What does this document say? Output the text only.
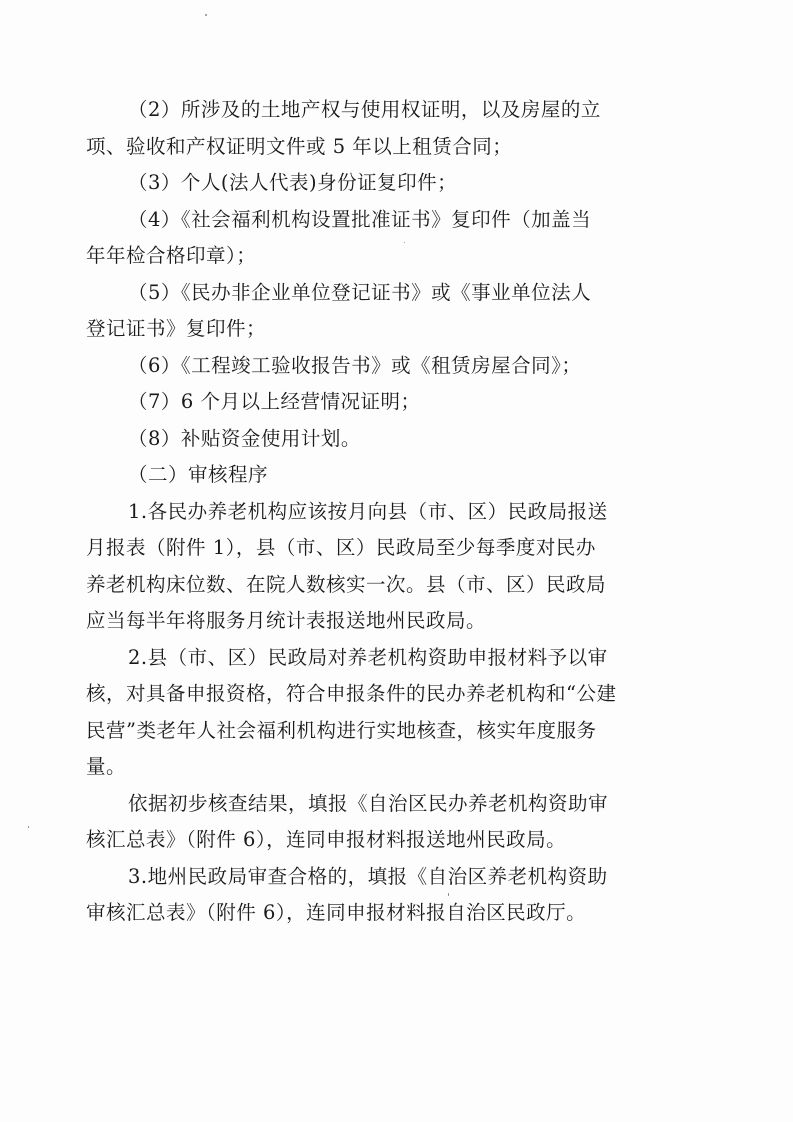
（2）所涉及的土地产权与使用权证明，以及房屋的立
项、验收和产权证明文件或 5 年以上租赁合同；
（3）个人(法人代表)身份证复印件；
（4）《社会福利机构设置批准证书》复印件（加盖当
年年检合格印章）；
（5）《民办非企业单位登记证书》或《事业单位法人
登记证书》复印件；
（6）《工程竣工验收报告书》或《租赁房屋合同》；
（7）6 个月以上经营情况证明；
（8）补贴资金使用计划。
（二）审核程序
1.各民办养老机构应该按月向县（市、区）民政局报送
月报表（附件 1），县（市、区）民政局至少每季度对民办
养老机构床位数、在院人数核实一次。县（市、区）民政局
应当每半年将服务月统计表报送地州民政局。
2.县（市、区）民政局对养老机构资助申报材料予以审
核，对具备申报资格，符合申报条件的民办养老机构和“公建
民营”类老年人社会福利机构进行实地核查，核实年度服务
量。
依据初步核查结果，填报《自治区民办养老机构资助审
核汇总表》（附件 6），连同申报材料报送地州民政局。
3.地州民政局审查合格的，填报《自治区养老机构资助
审核汇总表》（附件 6），连同申报材料报自治区民政厅。
